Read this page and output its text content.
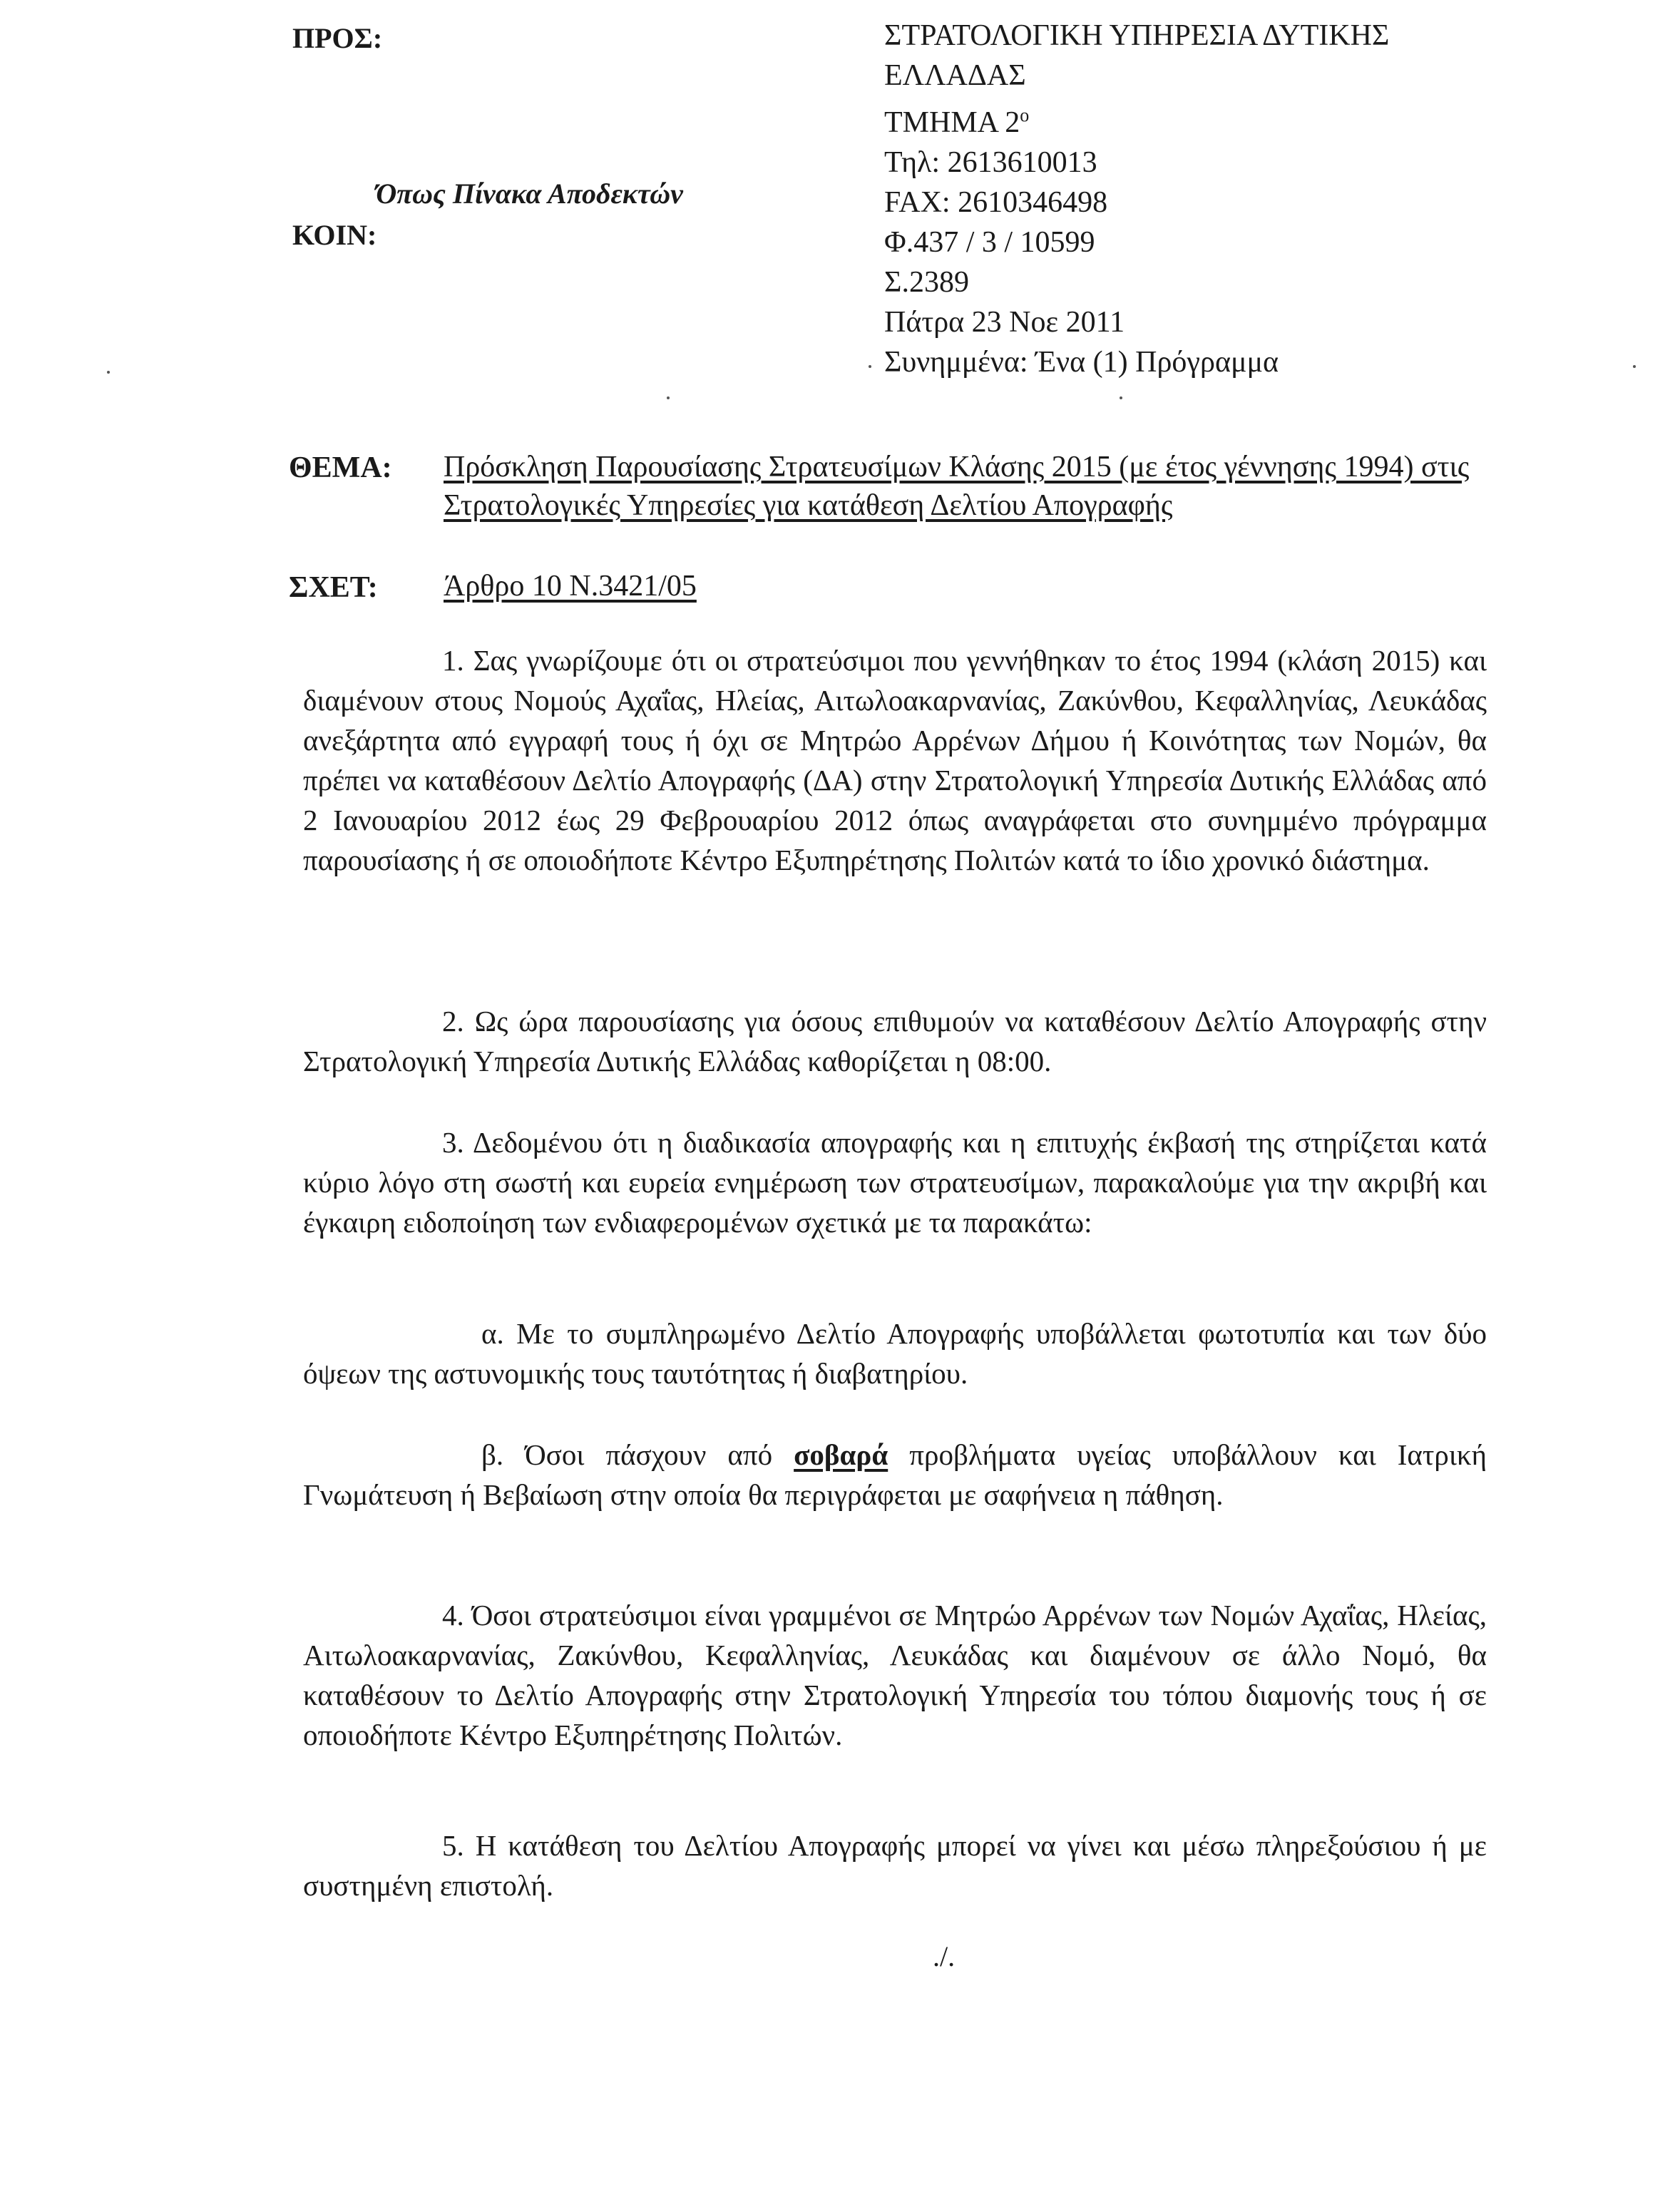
ΠΡΟΣ:
ΚΟΙΝ:
Όπως Πίνακα Αποδεκτών
ΣΤΡΑΤΟΛΟΓΙΚΗ ΥΠΗΡΕΣΙΑ ΔΥΤΙΚΗΣ
ΕΛΛΑΔΑΣ
ΤΜΗΜΑ $2^o$
Τηλ: 2613610013
FAX: 2610346498
Φ.437 / 3 / 10599
Σ.2389
Πάτρα 23 Νοε 2011
Συνημμένα: Ένα (1) Πρόγραμμα
ΘΕΜΑ: Πρόσκληση Παρουσίασης Στρατευσίμων Κλάσης 2015 (με έτος γέννησης 1994) στις Στρατολογικές Υπηρεσίες για κατάθεση Δελτίου Απογραφής
ΣΧΕΤ: Άρθρο 10 Ν.3421/05
1. Σας γνωρίζουμε ότι οι στρατεύσιμοι που γεννήθηκαν το έτος 1994 (κλάση 2015) και διαμένουν στους Νομούς Αχαΐας, Ηλείας, Αιτωλοακαρνανίας, Ζακύνθου, Κεφαλληνίας, Λευκάδας ανεξάρτητα από εγγραφή τους ή όχι σε Μητρώο Αρρένων Δήμου ή Κοινότητας των Νομών, θα πρέπει να καταθέσουν Δελτίο Απογραφής (ΔΑ) στην Στρατολογική Υπηρεσία Δυτικής Ελλάδας από 2 Ιανουαρίου 2012 έως 29 Φεβρουαρίου 2012 όπως αναγράφεται στο συνημμένο πρόγραμμα παρουσίασης ή σε οποιοδήποτε Κέντρο Εξυπηρέτησης Πολιτών κατά το ίδιο χρονικό διάστημα.
2. Ως ώρα παρουσίασης για όσους επιθυμούν να καταθέσουν Δελτίο Απογραφής στην Στρατολογική Υπηρεσία Δυτικής Ελλάδας καθορίζεται η 08:00.
3. Δεδομένου ότι η διαδικασία απογραφής και η επιτυχής έκβασή της στηρίζεται κατά κύριο λόγο στη σωστή και ευρεία ενημέρωση των στρατευσίμων, παρακαλούμε για την ακριβή και έγκαιρη ειδοποίηση των ενδιαφερομένων σχετικά με τα παρακάτω:
α. Με το συμπληρωμένο Δελτίο Απογραφής υποβάλλεται φωτοτυπία και των δύο όψεων της αστυνομικής τους ταυτότητας ή διαβατηρίου.
β. Όσοι πάσχουν από σοβαρά προβλήματα υγείας υποβάλλουν και Ιατρική Γνωμάτευση ή Βεβαίωση στην οποία θα περιγράφεται με σαφήνεια η πάθηση.
4. Όσοι στρατεύσιμοι είναι γραμμένοι σε Μητρώο Αρρένων των Νομών Αχαΐας, Ηλείας, Αιτωλοακαρνανίας, Ζακύνθου, Κεφαλληνίας, Λευκάδας και διαμένουν σε άλλο Νομό, θα καταθέσουν το Δελτίο Απογραφής στην Στρατολογική Υπηρεσία του τόπου διαμονής τους ή σε οποιοδήποτε Κέντρο Εξυπηρέτησης Πολιτών.
5. Η κατάθεση του Δελτίου Απογραφής μπορεί να γίνει και μέσω πληρεξούσιου ή με συστημένη επιστολή.
./.
